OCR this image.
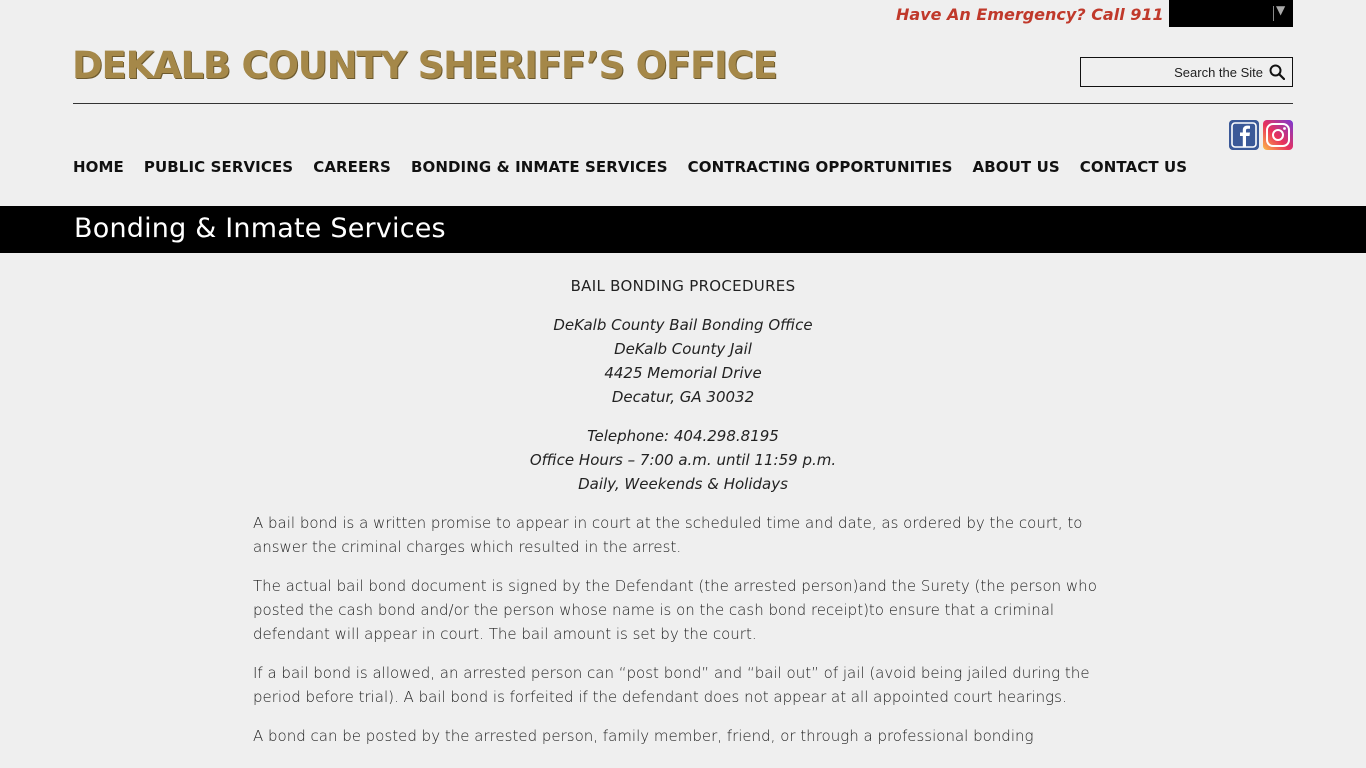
Have An Emergency? Call 911	▼
DEKALB COUNTY SHERIFF’S OFFICE
Search the Site
HOME PUBLIC SERVICES CAREERS BONDING & INMATE SERVICES CONTRACTING OPPORTUNITIES ABOUT US CONTACT US
Bonding & Inmate Services
BAIL BONDING PROCEDURES
DeKalb County Bail Bonding Office
DeKalb County Jail
4425 Memorial Drive
Decatur, GA 30032
Telephone: 404.298.8195
Office Hours – 7:00 a.m. until 11:59 p.m.
Daily, Weekends & Holidays

A bail bond is a written promise to appear in court at the scheduled time and date, as ordered by the court, to answer the criminal charges which resulted in the arrest.

The actual bail bond document is signed by the Defendant (the arrested person)and the Surety (the person who posted the cash bond and/or the person whose name is on the cash bond receipt)to ensure that a criminal defendant will appear in court. The bail amount is set by the court.

If a bail bond is allowed, an arrested person can “post bond” and “bail out” of jail (avoid being jailed during the period before trial). A bail bond is forfeited if the defendant does not appear at all appointed court hearings.

A bond can be posted by the arrested person, family member, friend, or through a professional bonding
